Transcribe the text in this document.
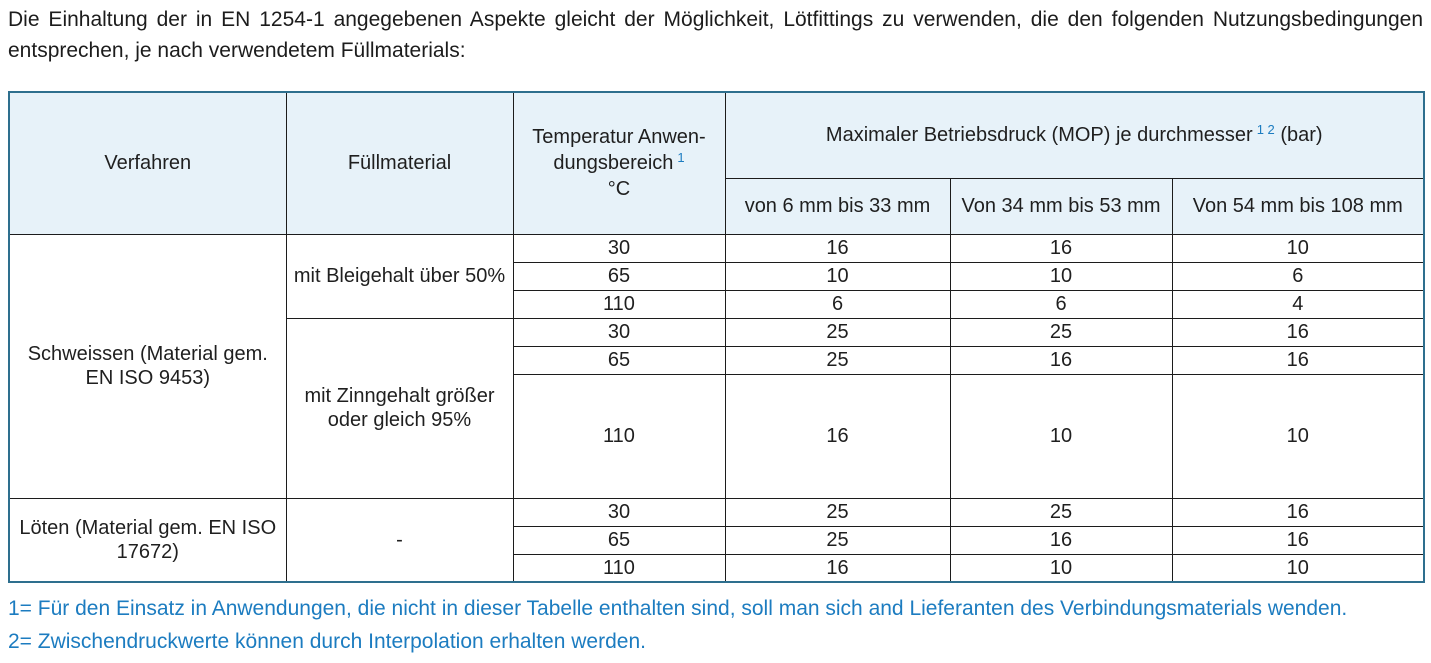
Die Einhaltung der in EN 1254-1 angegebenen Aspekte gleicht der Möglichkeit, Lötfittings zu verwenden, die den folgenden Nutzungsbedingungen entsprechen, je nach verwendetem Füllmaterials:

Verfahren	Füllmaterial	Temperatur Anwen-
dungsbereich $^1$
°C	Maximaler Betriebsdruck (MOP) je durchmesser $^{1 2}$ (bar)		
			von 6 mm bis 33 mm	Von 34 mm bis 53 mm	Von 54 mm bis 108 mm
Schweissen (Material gem. EN ISO 9453)	mit Bleigehalt über 50%	30	16	16	10
		65	10	10	6
		110	6	6	4
	mit Zinngehalt größer oder gleich 95%	30	25	25	16
		65	25	16	16
		110	16	10	10
Löten (Material gem. EN ISO 17672)	-	30	25	25	16
		65	25	16	16
		110	16	10	10
1= Für den Einsatz in Anwendungen, die nicht in dieser Tabelle enthalten sind, soll man sich and Lieferanten des Verbindungsmaterials wenden.
2= Zwischendruckwerte können durch Interpolation erhalten werden.
